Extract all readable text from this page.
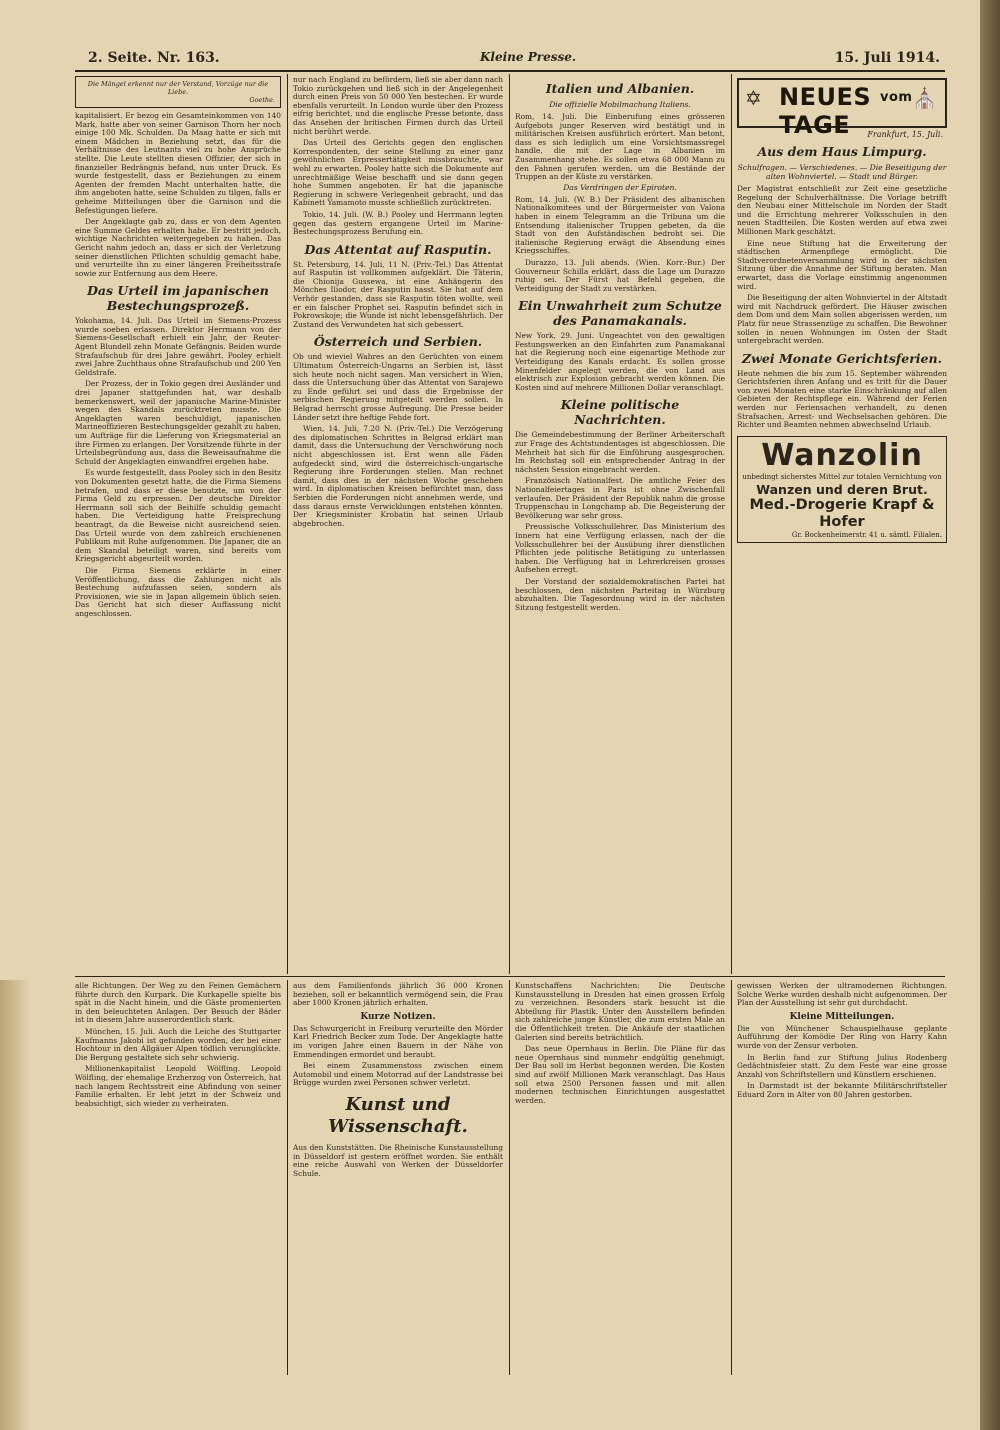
2. Seite. Nr. 163.	Kleine Presse.	15. Juli 1914.
Die Mängel erkennt nur der Verstand, Vorzüge nur die Liebe.
Goethe.

kapitalisiert. Er bezog ein Gesamteinkommen von 140 Mark, hatte aber von seiner Garnison Thorn her noch einige 100 Mk. Schulden. Da Maag hatte er sich mit einem Mädchen in Beziehung setzt, das für die Verhältnisse des Leutnants viel zu hohe Ansprüche stellte. Die Leute stellten diesen Offizier, der sich in finanzieller Bedrängnis befand, nun unter Druck. Es wurde festgestellt, dass er Beziehungen zu einem Agenten der fremden Macht unterhalten hatte, die ihm angeboten hatte, seine Schulden zu tilgen, falls er geheime Mitteilungen über die Garnison und die Befestigungen liefere.

Der Angeklagte gab zu, dass er von dem Agenten eine Summe Geldes erhalten habe. Er bestritt jedoch, wichtige Nachrichten weitergegeben zu haben. Das Gericht nahm jedoch an, dass er sich der Verletzung seiner dienstlichen Pflichten schuldig gemacht habe, und verurteilte ihn zu einer längeren Freiheitsstrafe sowie zur Entfernung aus dem Heere.

Das Urteil im japanischen Bestechungsprozeß.

Yokohama, 14. Juli. Das Urteil im Siemens-Prozess wurde soeben erlassen. Direktor Herrmann von der Siemens-Gesellschaft erhielt ein Jahr, der Reuter-Agent Blundell zehn Monate Gefängnis. Beiden wurde Strafaufschub für drei Jahre gewährt. Pooley erhielt zwei Jahre Zuchthaus ohne Strafaufschub und 200 Yen Geldstrafe.

Der Prozess, der in Tokio gegen drei Ausländer und drei Japaner stattgefunden hat, war deshalb bemerkenswert, weil der japanische Marine-Minister wegen des Skandals zurücktreten musste. Die Angeklagten waren beschuldigt, japanischen Marineoffizieren Bestechungsgelder gezahlt zu haben, um Aufträge für die Lieferung von Kriegsmaterial an ihre Firmen zu erlangen. Der Vorsitzende führte in der Urteilsbegründung aus, dass die Beweisaufnahme die Schuld der Angeklagten einwandfrei ergeben habe.

Es wurde festgestellt, dass Pooley sich in den Besitz von Dokumenten gesetzt hatte, die die Firma Siemens betrafen, und dass er diese benutzte, um von der Firma Geld zu erpressen. Der deutsche Direktor Herrmann soll sich der Beihilfe schuldig gemacht haben. Die Verteidigung hatte Freisprechung beantragt, da die Beweise nicht ausreichend seien. Das Urteil wurde von dem zahlreich erschienenen Publikum mit Ruhe aufgenommen. Die Japaner, die an dem Skandal beteiligt waren, sind bereits vom Kriegsgericht abgeurteilt worden.

Die Firma Siemens erklärte in einer Veröffentlichung, dass die Zahlungen nicht als Bestechung aufzufassen seien, sondern als Provisionen, wie sie in Japan allgemein üblich seien. Das Gericht hat sich dieser Auffassung nicht angeschlossen.

nur nach England zu befördern, ließ sie aber dann nach Tokio zurückgehen und ließ sich in der Angelegenheit durch einen Preis von 50 000 Yen bestechen. Er wurde ebenfalls verurteilt. In London wurde über den Prozess eifrig berichtet, und die englische Presse betonte, dass das Ansehen der britischen Firmen durch das Urteil nicht berührt werde.

Das Urteil des Gerichts gegen den englischen Korrespondenten, der seine Stellung zu einer ganz gewöhnlichen Erpressertätigkeit missbrauchte, war wohl zu erwarten. Pooley hatte sich die Dokumente auf unrechtmäßige Weise beschafft und sie dann gegen hohe Summen angeboten. Er hat die japanische Regierung in schwere Verlegenheit gebracht, und das Kabinett Yamamoto musste schließlich zurücktreten.

Tokio, 14. Juli. (W. B.) Pooley und Herrmann legten gegen das gestern ergangene Urteil im Marine-Bestechungsprozess Berufung ein.

Das Attentat auf Rasputin.

St. Petersburg, 14. Juli, 11 N. (Priv.-Tel.) Das Attentat auf Rasputin ist vollkommen aufgeklärt. Die Täterin, die Chionija Gussewa, ist eine Anhängerin des Mönches Iliodor, der Rasputin hasst. Sie hat auf dem Verhör gestanden, dass sie Rasputin töten wollte, weil er ein falscher Prophet sei. Rasputin befindet sich in Pokrowskoje; die Wunde ist nicht lebensgefährlich. Der Zustand des Verwundeten hat sich gebessert.

Österreich und Serbien.

Ob und wieviel Wahres an den Gerüchten von einem Ultimatum Österreich-Ungarns an Serbien ist, lässt sich heute noch nicht sagen. Man versichert in Wien, dass die Untersuchung über das Attentat von Sarajewo zu Ende geführt sei und dass die Ergebnisse der serbischen Regierung mitgeteilt werden sollen. In Belgrad herrscht grosse Aufregung. Die Presse beider Länder setzt ihre heftige Fehde fort.

Wien, 14. Juli, 7.20 N. (Priv.-Tel.) Die Verzögerung des diplomatischen Schrittes in Belgrad erklärt man damit, dass die Untersuchung der Verschwörung noch nicht abgeschlossen ist. Erst wenn alle Fäden aufgedeckt sind, wird die österreichisch-ungarische Regierung ihre Forderungen stellen. Man rechnet damit, dass dies in der nächsten Woche geschehen wird. In diplomatischen Kreisen befürchtet man, dass Serbien die Forderungen nicht annehmen werde, und dass daraus ernste Verwicklungen entstehen könnten. Der Kriegsminister Krobatin hat seinen Urlaub abgebrochen.

Italien und Albanien.
Die offizielle Mobilmachung Italiens.

Rom, 14. Juli. Die Einberufung eines grösseren Aufgebots junger Reserven wird bestätigt und in militärischen Kreisen ausführlich erörtert. Man betont, dass es sich lediglich um eine Vorsichtsmassregel handle, die mit der Lage in Albanien im Zusammenhang stehe. Es sollen etwa 68 000 Mann zu den Fahnen gerufen werden, um die Bestände der Truppen an der Küste zu verstärken.

Das Verdringen der Epiroten.

Rom, 14. Juli. (W. B.) Der Präsident des albanischen Nationalkomitees und der Bürgermeister von Valona haben in einem Telegramm an die Tribuna um die Entsendung italienischer Truppen gebeten, da die Stadt von den Aufständischen bedroht sei. Die italienische Regierung erwägt die Absendung eines Kriegsschiffes.

Durazzo, 13. Juli abends. (Wien. Korr.-Bur.) Der Gouverneur Schilla erklärt, dass die Lage um Durazzo ruhig sei. Der Fürst hat Befehl gegeben, die Verteidigung der Stadt zu verstärken.

Ein Unwahrheit zum Schutze des Panamakanals.

New York, 29. Juni. Ungeachtet von den gewaltigen Festungswerken an den Einfahrten zum Panamakanal hat die Regierung noch eine eigenartige Methode zur Verteidigung des Kanals erdacht. Es sollen grosse Minenfelder angelegt werden, die von Land aus elektrisch zur Explosion gebracht werden können. Die Kosten sind auf mehrere Millionen Dollar veranschlagt.

Kleine politische Nachrichten.

Die Gemeindebestimmung der Berliner Arbeiterschaft zur Frage des Achtstundentages ist abgeschlossen. Die Mehrheit hat sich für die Einführung ausgesprochen. Im Reichstag soll ein entsprechender Antrag in der nächsten Session eingebracht werden.

Französisch Nationalfest. Die amtliche Feier des Nationalfeiertages in Paris ist ohne Zwischenfall verlaufen. Der Präsident der Republik nahm die grosse Truppenschau in Longchamp ab. Die Begeisterung der Bevölkerung war sehr gross.

Preussische Volksschullehrer. Das Ministerium des Innern hat eine Verfügung erlassen, nach der die Volksschullehrer bei der Ausübung ihrer dienstlichen Pflichten jede politische Betätigung zu unterlassen haben. Die Verfügung hat in Lehrerkreisen grosses Aufsehen erregt.

Der Vorstand der sozialdemokratischen Partei hat beschlossen, den nächsten Parteitag in Würzburg abzuhalten. Die Tagesordnung wird in der nächsten Sitzung festgestellt werden.

✡ NEUES vom TAGE
⛪
Frankfurt, 15. Juli.
Aus dem Haus Limpurg.
Schulfragen. — Verschiedenes. — Die Beseitigung der alten Wohnviertel. — Stadt und Bürger.

Der Magistrat entschließt zur Zeit eine gesetzliche Regelung der Schulverhältnisse. Die Vorlage betrifft den Neubau einer Mittelschule im Norden der Stadt und die Errichtung mehrerer Volksschulen in den neuen Stadtteilen. Die Kosten werden auf etwa zwei Millionen Mark geschätzt.

Eine neue Stiftung hat die Erweiterung der städtischen Armenpflege ermöglicht. Die Stadtverordnetenversammlung wird in der nächsten Sitzung über die Annahme der Stiftung beraten. Man erwartet, dass die Vorlage einstimmig angenommen wird.

Die Beseitigung der alten Wohnviertel in der Altstadt wird mit Nachdruck gefördert. Die Häuser zwischen dem Dom und dem Main sollen abgerissen werden, um Platz für neue Strassenzüge zu schaffen. Die Bewohner sollen in neuen Wohnungen im Osten der Stadt untergebracht werden.

Zwei Monate Gerichtsferien.

Heute nehmen die bis zum 15. September währenden Gerichtsferien ihren Anfang und es tritt für die Dauer von zwei Monaten eine starke Einschränkung auf allen Gebieten der Rechtspflege ein. Während der Ferien werden nur Feriensachen verhandelt, zu denen Strafsachen, Arrest- und Wechselsachen gehören. Die Richter und Beamten nehmen abwechselnd Urlaub.

Wanzolin
unbedingt sicherstes Mittel zur totalen Vernichtung von
Wanzen und deren Brut.
Med.-Drogerie Krapf & Hofer
Gr. Bockenheimerstr. 41 u. sämtl. Filialen.

alle Richtungen. Der Weg zu den Feinen Gemächern führte durch den Kurpark. Die Kurkapelle spielte bis spät in die Nacht hinein, und die Gäste promenierten in den beleuchteten Anlagen. Der Besuch der Bäder ist in diesem Jahre ausserordentlich stark.

München, 15. Juli. Auch die Leiche des Stuttgarter Kaufmanns Jakobi ist gefunden worden, der bei einer Hochtour in den Allgäuer Alpen tödlich verunglückte. Die Bergung gestaltete sich sehr schwierig.

Millionenkapitalist Leopold Wölfling. Leopold Wölfling, der ehemalige Erzherzog von Österreich, hat nach langem Rechtsstreit eine Abfindung von seiner Familie erhalten. Er lebt jetzt in der Schweiz und beabsichtigt, sich wieder zu verheiraten.

aus dem Familienfonds jährlich 36 000 Kronen beziehen, soll er bekanntlich vermögend sein, die Frau aber 1000 Kronen jährlich erhalten.

Kurze Notizen.

Das Schwurgericht in Freiburg verurteilte den Mörder Karl Friedrich Becker zum Tode. Der Angeklagte hatte im vorigen Jahre einen Bauern in der Nähe von Emmendingen ermordet und beraubt.

Bei einem Zusammenstoss zwischen einem Automobil und einem Motorrad auf der Landstrasse bei Brügge wurden zwei Personen schwer verletzt.

Kunst und Wissenschaft.

Aus den Kunststätten. Die Rheinische Kunstausstellung in Düsseldorf ist gestern eröffnet worden. Sie enthält eine reiche Auswahl von Werken der Düsseldorfer Schule.

Kunstschaffens Nachrichten: Die Deutsche Kunstausstellung in Dresden hat einen grossen Erfolg zu verzeichnen. Besonders stark besucht ist die Abteilung für Plastik. Unter den Ausstellern befinden sich zahlreiche junge Künstler, die zum ersten Male an die Öffentlichkeit treten. Die Ankäufe der staatlichen Galerien sind bereits beträchtlich.

Das neue Opernhaus in Berlin. Die Pläne für das neue Opernhaus sind nunmehr endgültig genehmigt. Der Bau soll im Herbst begonnen werden. Die Kosten sind auf zwölf Millionen Mark veranschlagt. Das Haus soll etwa 2500 Personen fassen und mit allen modernen technischen Einrichtungen ausgestattet werden.

gewissen Werken der ultramodernen Richtungen. Solche Werke wurden deshalb nicht aufgenommen. Der Plan der Ausstellung ist sehr gut durchdacht.

Kleine Mitteilungen.

Die von Münchener Schauspielhause geplante Aufführung der Komödie Der Ring von Harry Kahn wurde von der Zensur verboten.

In Berlin fand zur Stiftung Julius Rodenberg Gedächtnisfeier statt. Zu dem Feste war eine grosse Anzahl von Schriftstellern und Künstlern erschienen.

In Darmstadt ist der bekannte Militärschriftsteller Eduard Zorn in Alter von 80 Jahren gestorben.
